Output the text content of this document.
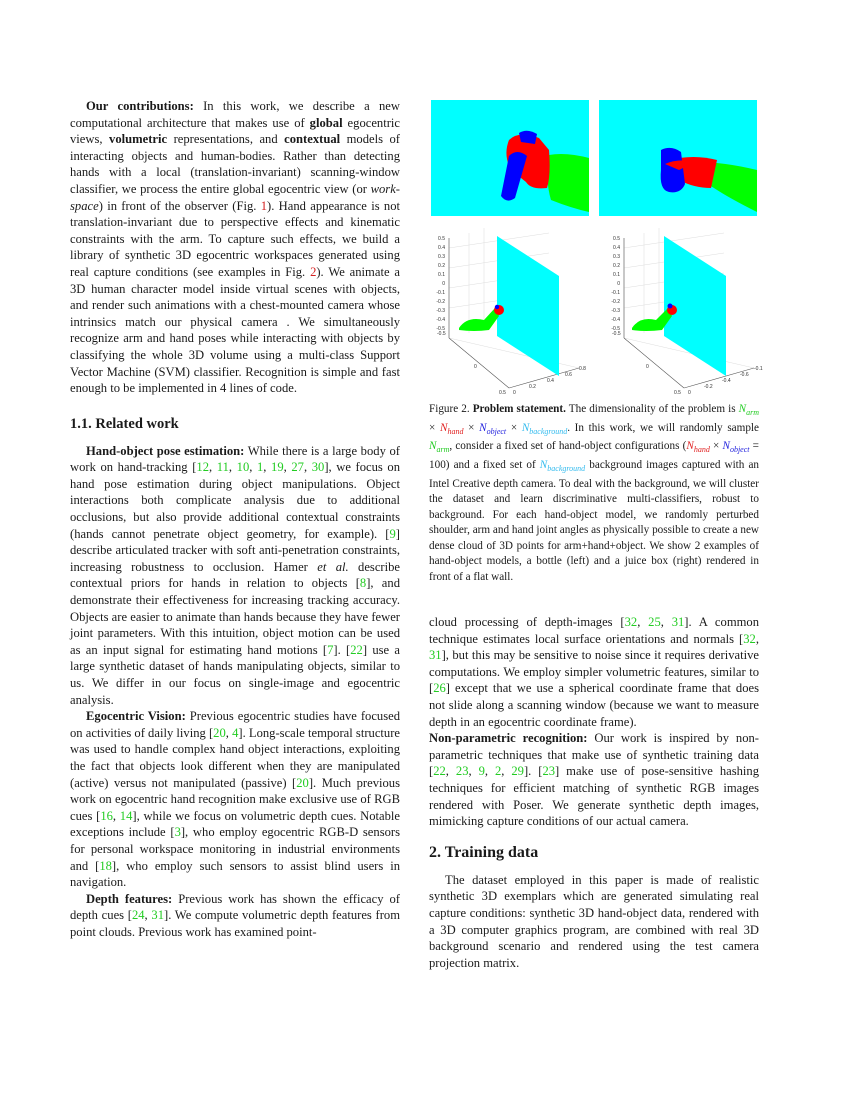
Our contributions: In this work, we describe a new computational architecture that makes use of global egocentric views, volumetric representations, and contextual models of interacting objects and human-bodies. Rather than detecting hands with a local (translation-invariant) scanning-window classifier, we process the entire global egocentric view (or work-space) in front of the observer (Fig. 1). Hand appearance is not translation-invariant due to perspective effects and kinematic constraints with the arm. To capture such effects, we build a library of synthetic 3D egocentric workspaces generated using real capture conditions (see examples in Fig. 2). We animate a 3D human character model inside virtual scenes with objects, and render such animations with a chest-mounted camera whose intrinsics match our physical camera . We simultaneously recognize arm and hand poses while interacting with objects by classifying the whole 3D volume using a multi-class Support Vector Machine (SVM) classifier. Recognition is simple and fast enough to be implemented in 4 lines of code.

1.1. Related work

Hand-object pose estimation: While there is a large body of work on hand-tracking [12, 11, 10, 1, 19, 27, 30], we focus on hand pose estimation during object manipulations. Object interactions both complicate analysis due to additional occlusions, but also provide additional contextual constraints (hands cannot penetrate object geometry, for example). [9] describe articulated tracker with soft anti-penetration constraints, increasing robustness to occlusion. Hamer et al. describe contextual priors for hands in relation to objects [8], and demonstrate their effectiveness for increasing tracking accuracy. Objects are easier to animate than hands because they have fewer joint parameters. With this intuition, object motion can be used as an input signal for estimating hand motions [7]. [22] use a large synthetic dataset of hands manipulating objects, similar to us. We differ in our focus on single-image and egocentric analysis.

Egocentric Vision: Previous egocentric studies have focused on activities of daily living [20, 4]. Long-scale temporal structure was used to handle complex hand object interactions, exploiting the fact that objects look different when they are manipulated (active) versus not manipulated (passive) [20]. Much previous work on egocentric hand recognition make exclusive use of RGB cues [16, 14], while we focus on volumetric depth cues. Notable exceptions include [3], who employ egocentric RGB-D sensors for personal workspace monitoring in industrial environments and [18], who employ such sensors to assist blind users in navigation.

Depth features: Previous work has shown the efficacy of depth cues [24, 31]. We compute volumetric depth features from point clouds. Previous work has examined point-

0.5
0.4
0.3
0.2
0.1
0
-0.1
-0.2
-0.3
-0.4
-0.5
-0.5
0
0.5 0
0.2
0.4
0.6
0.8
0.5
0.4
0.3
0.2
0.1
0
-0.1
-0.2
-0.3
-0.4
-0.5
-0.5
0
0.5 0
-0.2
-0.4
-0.6
-0.1
Figure 2. Problem statement. The dimensionality of the problem is $N_{arm} \times N_{hand} \times N_{object} \times N_{background}$. In this work, we will randomly sample $N_{arm}$, consider a fixed set of hand-object configurations $(N_{hand} \times N_{object} = 100)$ and a fixed set of $N_{background}$ background images captured with an Intel Creative depth camera. To deal with the background, we will cluster the dataset and learn discriminative multi-classifiers, robust to background. For each hand-object model, we randomly perturbed shoulder, arm and hand joint angles as physically possible to create a new dense cloud of 3D points for arm+hand+object. We show 2 examples of hand-object models, a bottle (left) and a juice box (right) rendered in front of a flat wall.

cloud processing of depth-images [32, 25, 31]. A common technique estimates local surface orientations and normals [32, 31], but this may be sensitive to noise since it requires derivative computations. We employ simpler volumetric features, similar to [26] except that we use a spherical coordinate frame that does not slide along a scanning window (because we want to measure depth in an egocentric coordinate frame).

Non-parametric recognition: Our work is inspired by non-parametric techniques that make use of synthetic training data [22, 23, 9, 2, 29]. [23] make use of pose-sensitive hashing techniques for efficient matching of synthetic RGB images rendered with Poser. We generate synthetic depth images, mimicking capture conditions of our actual camera.

2. Training data

The dataset employed in this paper is made of realistic synthetic 3D exemplars which are generated simulating real capture conditions: synthetic 3D hand-object data, rendered with a 3D computer graphics program, are combined with real 3D background scenario and rendered using the test camera projection matrix.
